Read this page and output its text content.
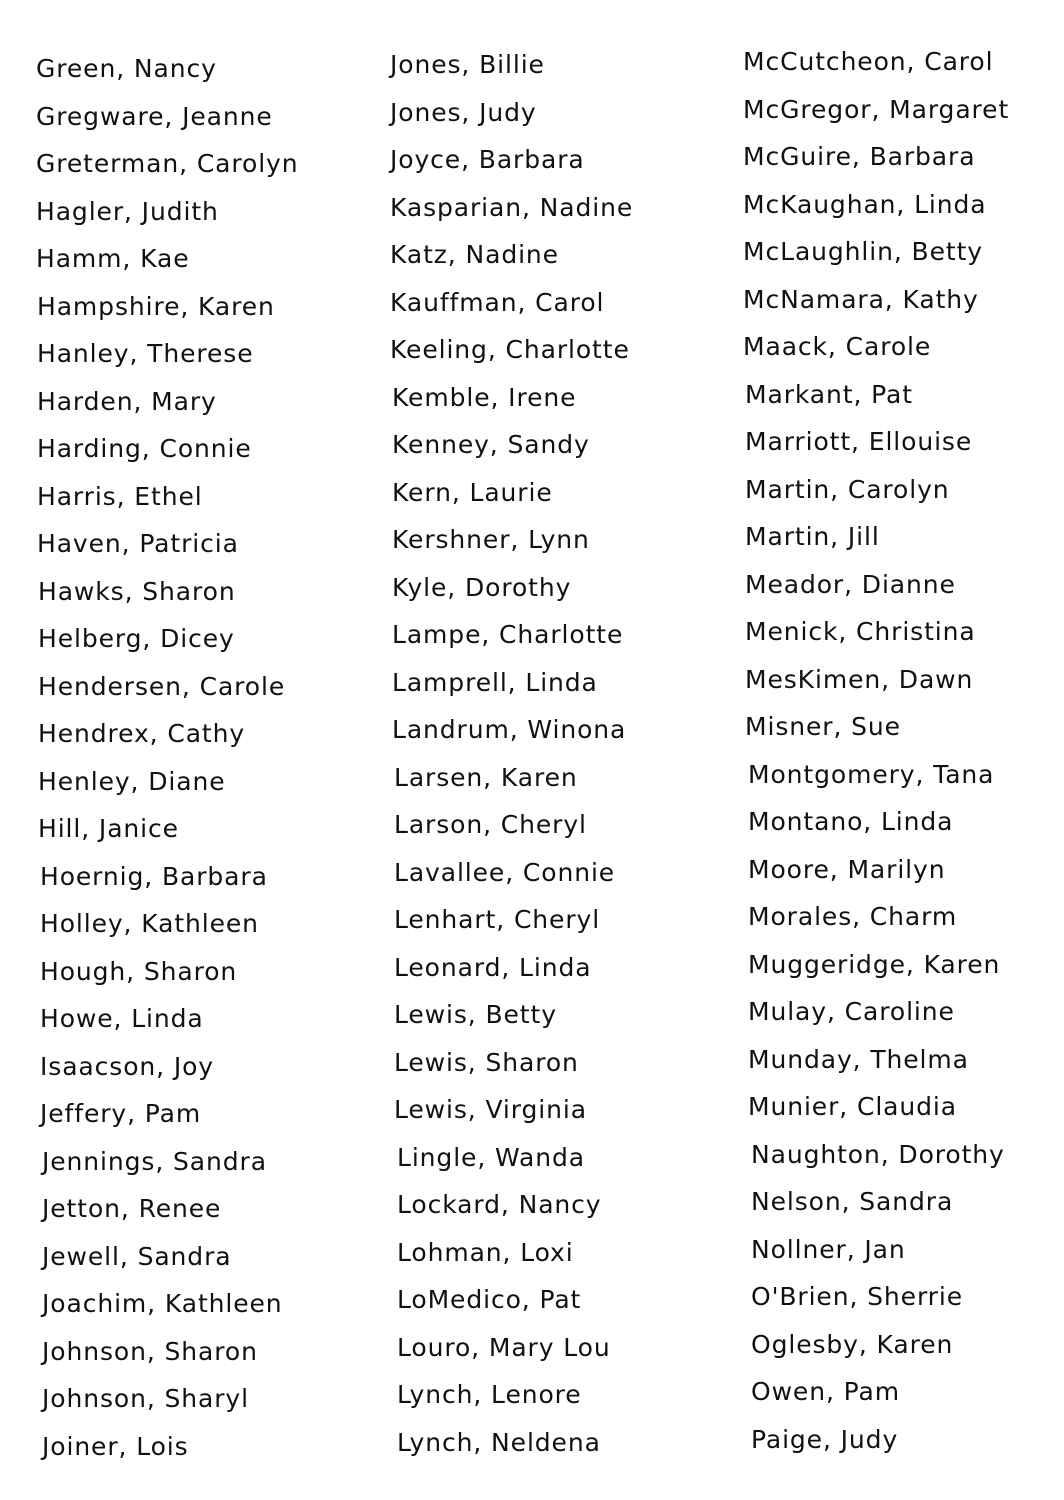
Green, Nancy
Gregware, Jeanne
Greterman, Carolyn
Hagler, Judith
Hamm, Kae
Hampshire, Karen
Hanley, Therese
Harden, Mary
Harding, Connie
Harris, Ethel
Haven, Patricia
Hawks, Sharon
Helberg, Dicey
Hendersen, Carole
Hendrex, Cathy
Henley, Diane
Hill, Janice
Hoernig, Barbara
Holley, Kathleen
Hough, Sharon
Howe, Linda
Isaacson, Joy
Jeffery, Pam
Jennings, Sandra
Jetton, Renee
Jewell, Sandra
Joachim, Kathleen
Johnson, Sharon
Johnson, Sharyl
Joiner, Lois
Jones, Billie
Jones, Judy
Joyce, Barbara
Kasparian, Nadine
Katz, Nadine
Kauffman, Carol
Keeling, Charlotte
Kemble, Irene
Kenney, Sandy
Kern, Laurie
Kershner, Lynn
Kyle, Dorothy
Lampe, Charlotte
Lamprell, Linda
Landrum, Winona
Larsen, Karen
Larson, Cheryl
Lavallee, Connie
Lenhart, Cheryl
Leonard, Linda
Lewis, Betty
Lewis, Sharon
Lewis, Virginia
Lingle, Wanda
Lockard, Nancy
Lohman, Loxi
LoMedico, Pat
Louro, Mary Lou
Lynch, Lenore
Lynch, Neldena
McCutcheon, Carol
McGregor, Margaret
McGuire, Barbara
McKaughan, Linda
McLaughlin, Betty
McNamara, Kathy
Maack, Carole
Markant, Pat
Marriott, Ellouise
Martin, Carolyn
Martin, Jill
Meador, Dianne
Menick, Christina
MesKimen, Dawn
Misner, Sue
Montgomery, Tana
Montano, Linda
Moore, Marilyn
Morales, Charm
Muggeridge, Karen
Mulay, Caroline
Munday, Thelma
Munier, Claudia
Naughton, Dorothy
Nelson, Sandra
Nollner, Jan
O'Brien, Sherrie
Oglesby, Karen
Owen, Pam
Paige, Judy
